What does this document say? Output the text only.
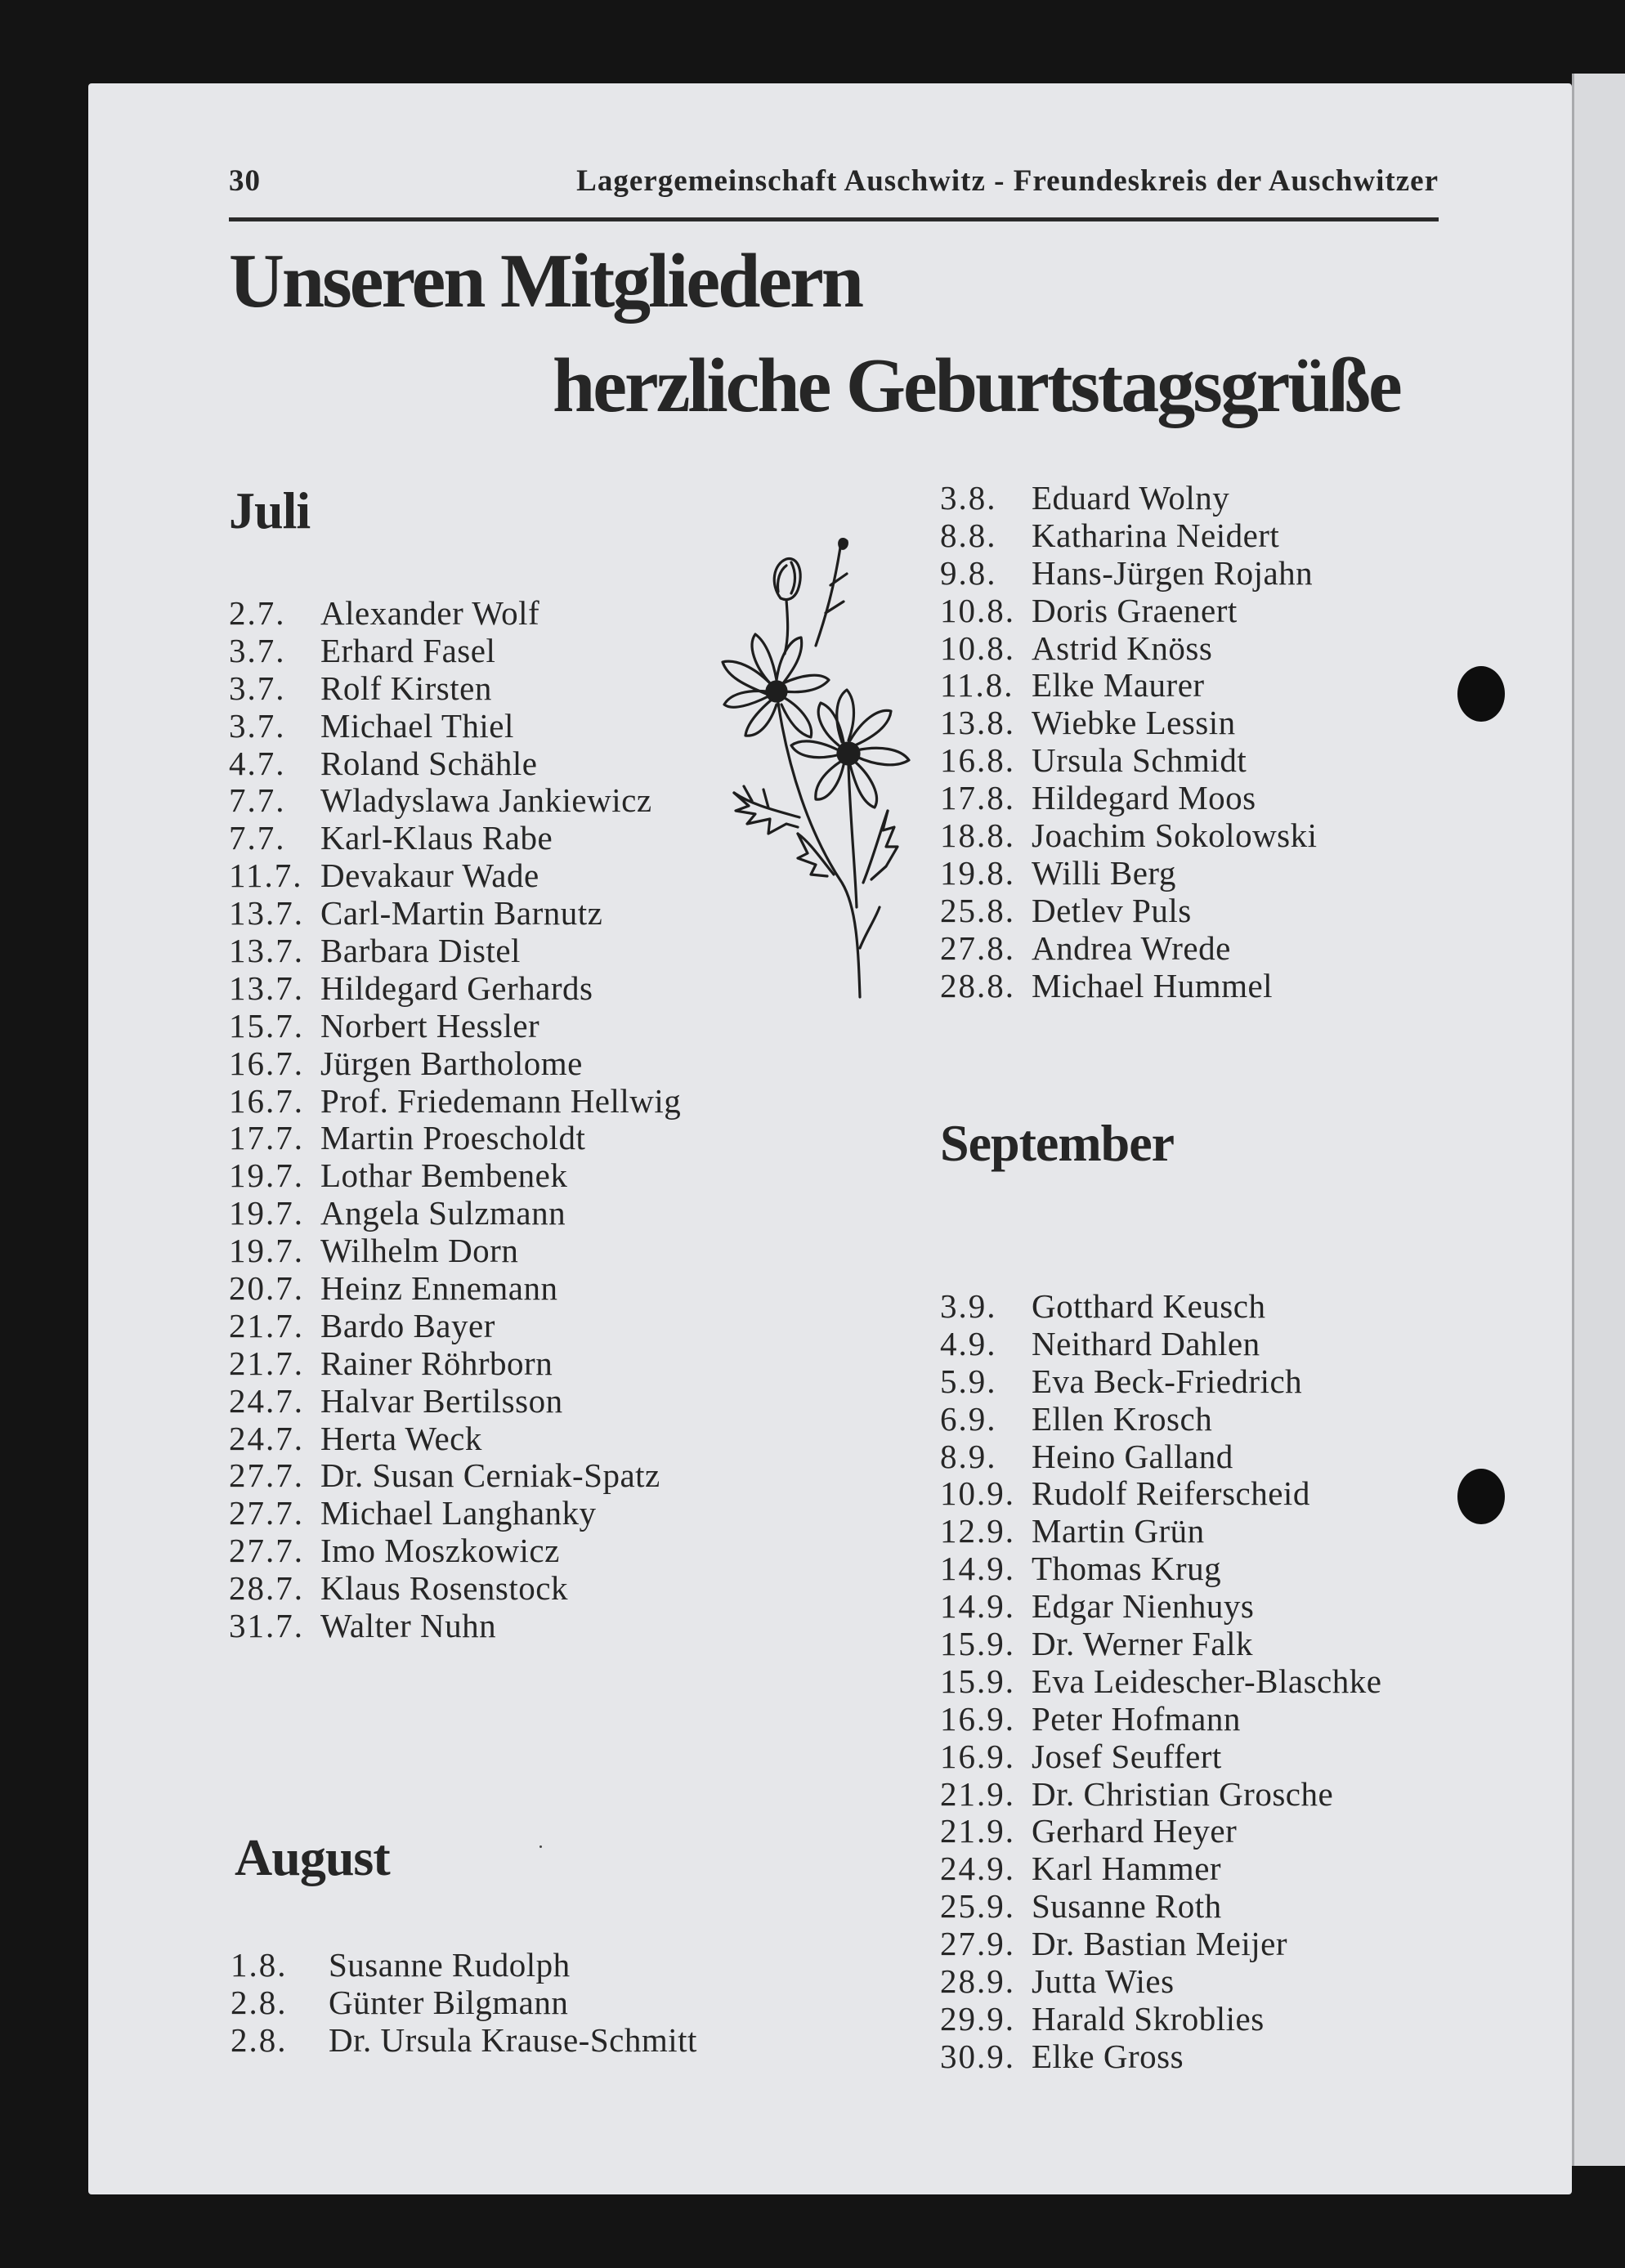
30	Lagergemeinschaft Auschwitz - Freundeskreis der Auschwitzer
Unseren Mitgliedern
herzliche Geburtstagsgrüße
Juli
2.7. Alexander Wolf
3.7. Erhard Fasel
3.7. Rolf Kirsten
3.7. Michael Thiel
4.7. Roland Schähle
7.7. Wladyslawa Jankiewicz
7.7. Karl-Klaus Rabe
11.7. Devakaur Wade
13.7. Carl-Martin Barnutz
13.7. Barbara Distel
13.7. Hildegard Gerhards
15.7. Norbert Hessler
16.7. Jürgen Bartholome
16.7. Prof. Friedemann Hellwig
17.7. Martin Proescholdt
19.7. Lothar Bembenek
19.7. Angela Sulzmann
19.7. Wilhelm Dorn
20.7. Heinz Ennemann
21.7. Bardo Bayer
21.7. Rainer Röhrborn
24.7. Halvar Bertilsson
24.7. Herta Weck
27.7. Dr. Susan Cerniak-Spatz
27.7. Michael Langhanky
27.7. Imo Moszkowicz
28.7. Klaus Rosenstock
31.7. Walter Nuhn
August
1.8. Susanne Rudolph
2.8. Günter Bilgmann
2.8. Dr. Ursula Krause-Schmitt
3.8. Eduard Wolny
8.8. Katharina Neidert
9.8. Hans-Jürgen Rojahn
10.8. Doris Graenert
10.8. Astrid Knöss
11.8. Elke Maurer
13.8. Wiebke Lessin
16.8. Ursula Schmidt
17.8. Hildegard Moos
18.8. Joachim Sokolowski
19.8. Willi Berg
25.8. Detlev Puls
27.8. Andrea Wrede
28.8. Michael Hummel
September
3.9. Gotthard Keusch
4.9. Neithard Dahlen
5.9. Eva Beck-Friedrich
6.9. Ellen Krosch
8.9. Heino Galland
10.9. Rudolf Reiferscheid
12.9. Martin Grün
14.9. Thomas Krug
14.9. Edgar Nienhuys
15.9. Dr. Werner Falk
15.9. Eva Leidescher-Blaschke
16.9. Peter Hofmann
16.9. Josef Seuffert
21.9. Dr. Christian Grosche
21.9. Gerhard Heyer
24.9. Karl Hammer
25.9. Susanne Roth
27.9. Dr. Bastian Meijer
28.9. Jutta Wies
29.9. Harald Skroblies
30.9. Elke Gross
